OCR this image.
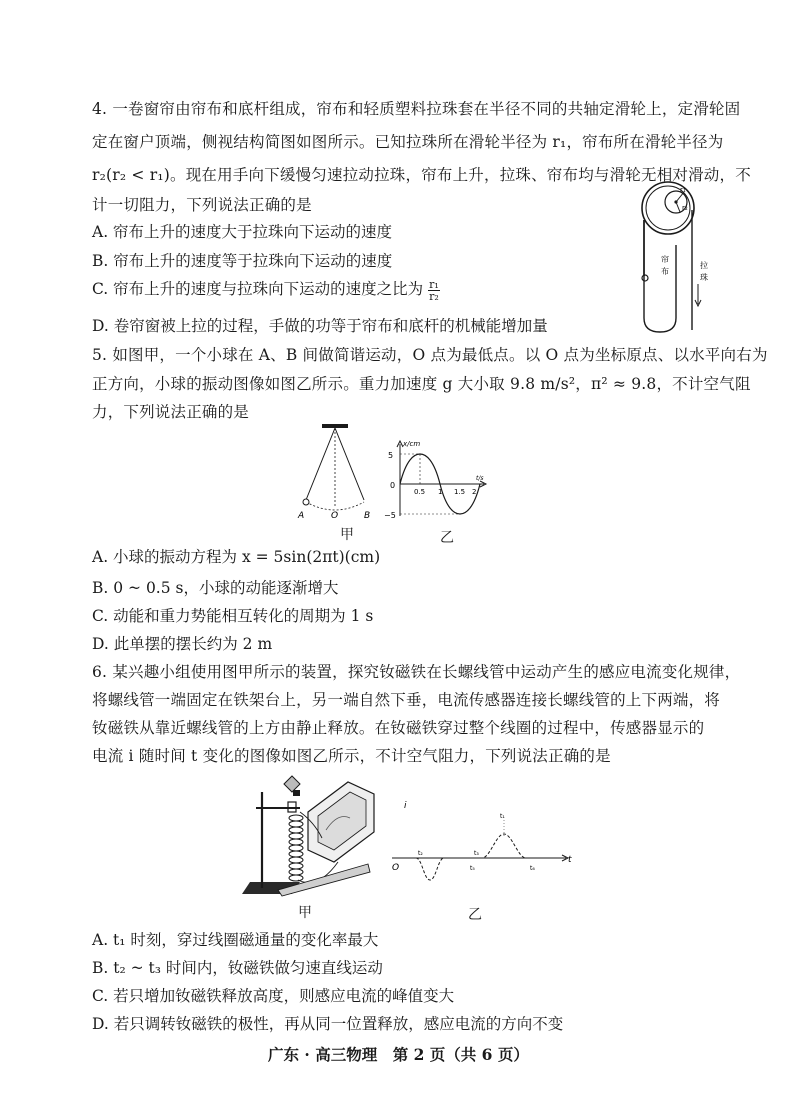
4. 一卷窗帘由帘布和底杆组成，帘布和轻质塑料拉珠套在半径不同的共轴定滑轮上，定滑轮固
定在窗户顶端，侧视结构简图如图所示。已知拉珠所在滑轮半径为 r₁，帘布所在滑轮半径为
r₂(r₂ < r₁)。现在用手向下缓慢匀速拉动拉珠，帘布上升，拉珠、帘布均与滑轮无相对滑动，不
计一切阻力，下列说法正确的是
A. 帘布上升的速度大于拉珠向下运动的速度
B. 帘布上升的速度等于拉珠向下运动的速度
C. 帘布上升的速度与拉珠向下运动的速度之比为 $\frac{\text{r₁}}{\text{r₂}}$
D. 卷帘窗被上拉的过程，手做的功等于帘布和底杆的机械能增加量
r₁
r₂
帘
布
拉
珠
5. 如图甲，一个小球在 A、B 间做简谐运动，O 点为最低点。以 O 点为坐标原点、以水平向右为
正方向，小球的振动图像如图乙所示。重力加速度 g 大小取 9.8 m/s²，π² ≈ 9.8，不计空气阻
力，下列说法正确的是
A	O	B
甲
x/cm
5
0
−5
0.5 1 1.5 2
t/s
乙
A. 小球的振动方程为 x = 5sin(2πt)(cm)
B. 0 ~ 0.5 s，小球的动能逐渐增大
C. 动能和重力势能相互转化的周期为 1 s
D. 此单摆的摆长约为 2 m
6. 某兴趣小组使用图甲所示的装置，探究钕磁铁在长螺线管中运动产生的感应电流变化规律，
将螺线管一端固定在铁架台上，另一端自然下垂，电流传感器连接长螺线管的上下两端，将
钕磁铁从靠近螺线管的上方由静止释放。在钕磁铁穿过整个线圈的过程中，传感器显示的
电流 i 随时间 t 变化的图像如图乙所示，不计空气阻力，下列说法正确的是
甲
i
t
O
t₁
t₂	t₃
t₅	t₆
乙
A. t₁ 时刻，穿过线圈磁通量的变化率最大
B. t₂ ~ t₃ 时间内，钕磁铁做匀速直线运动
C. 若只增加钕磁铁释放高度，则感应电流的峰值变大
D. 若只调转钕磁铁的极性，再从同一位置释放，感应电流的方向不变
广东 · 高三物理　第 2 页（共 6 页）
